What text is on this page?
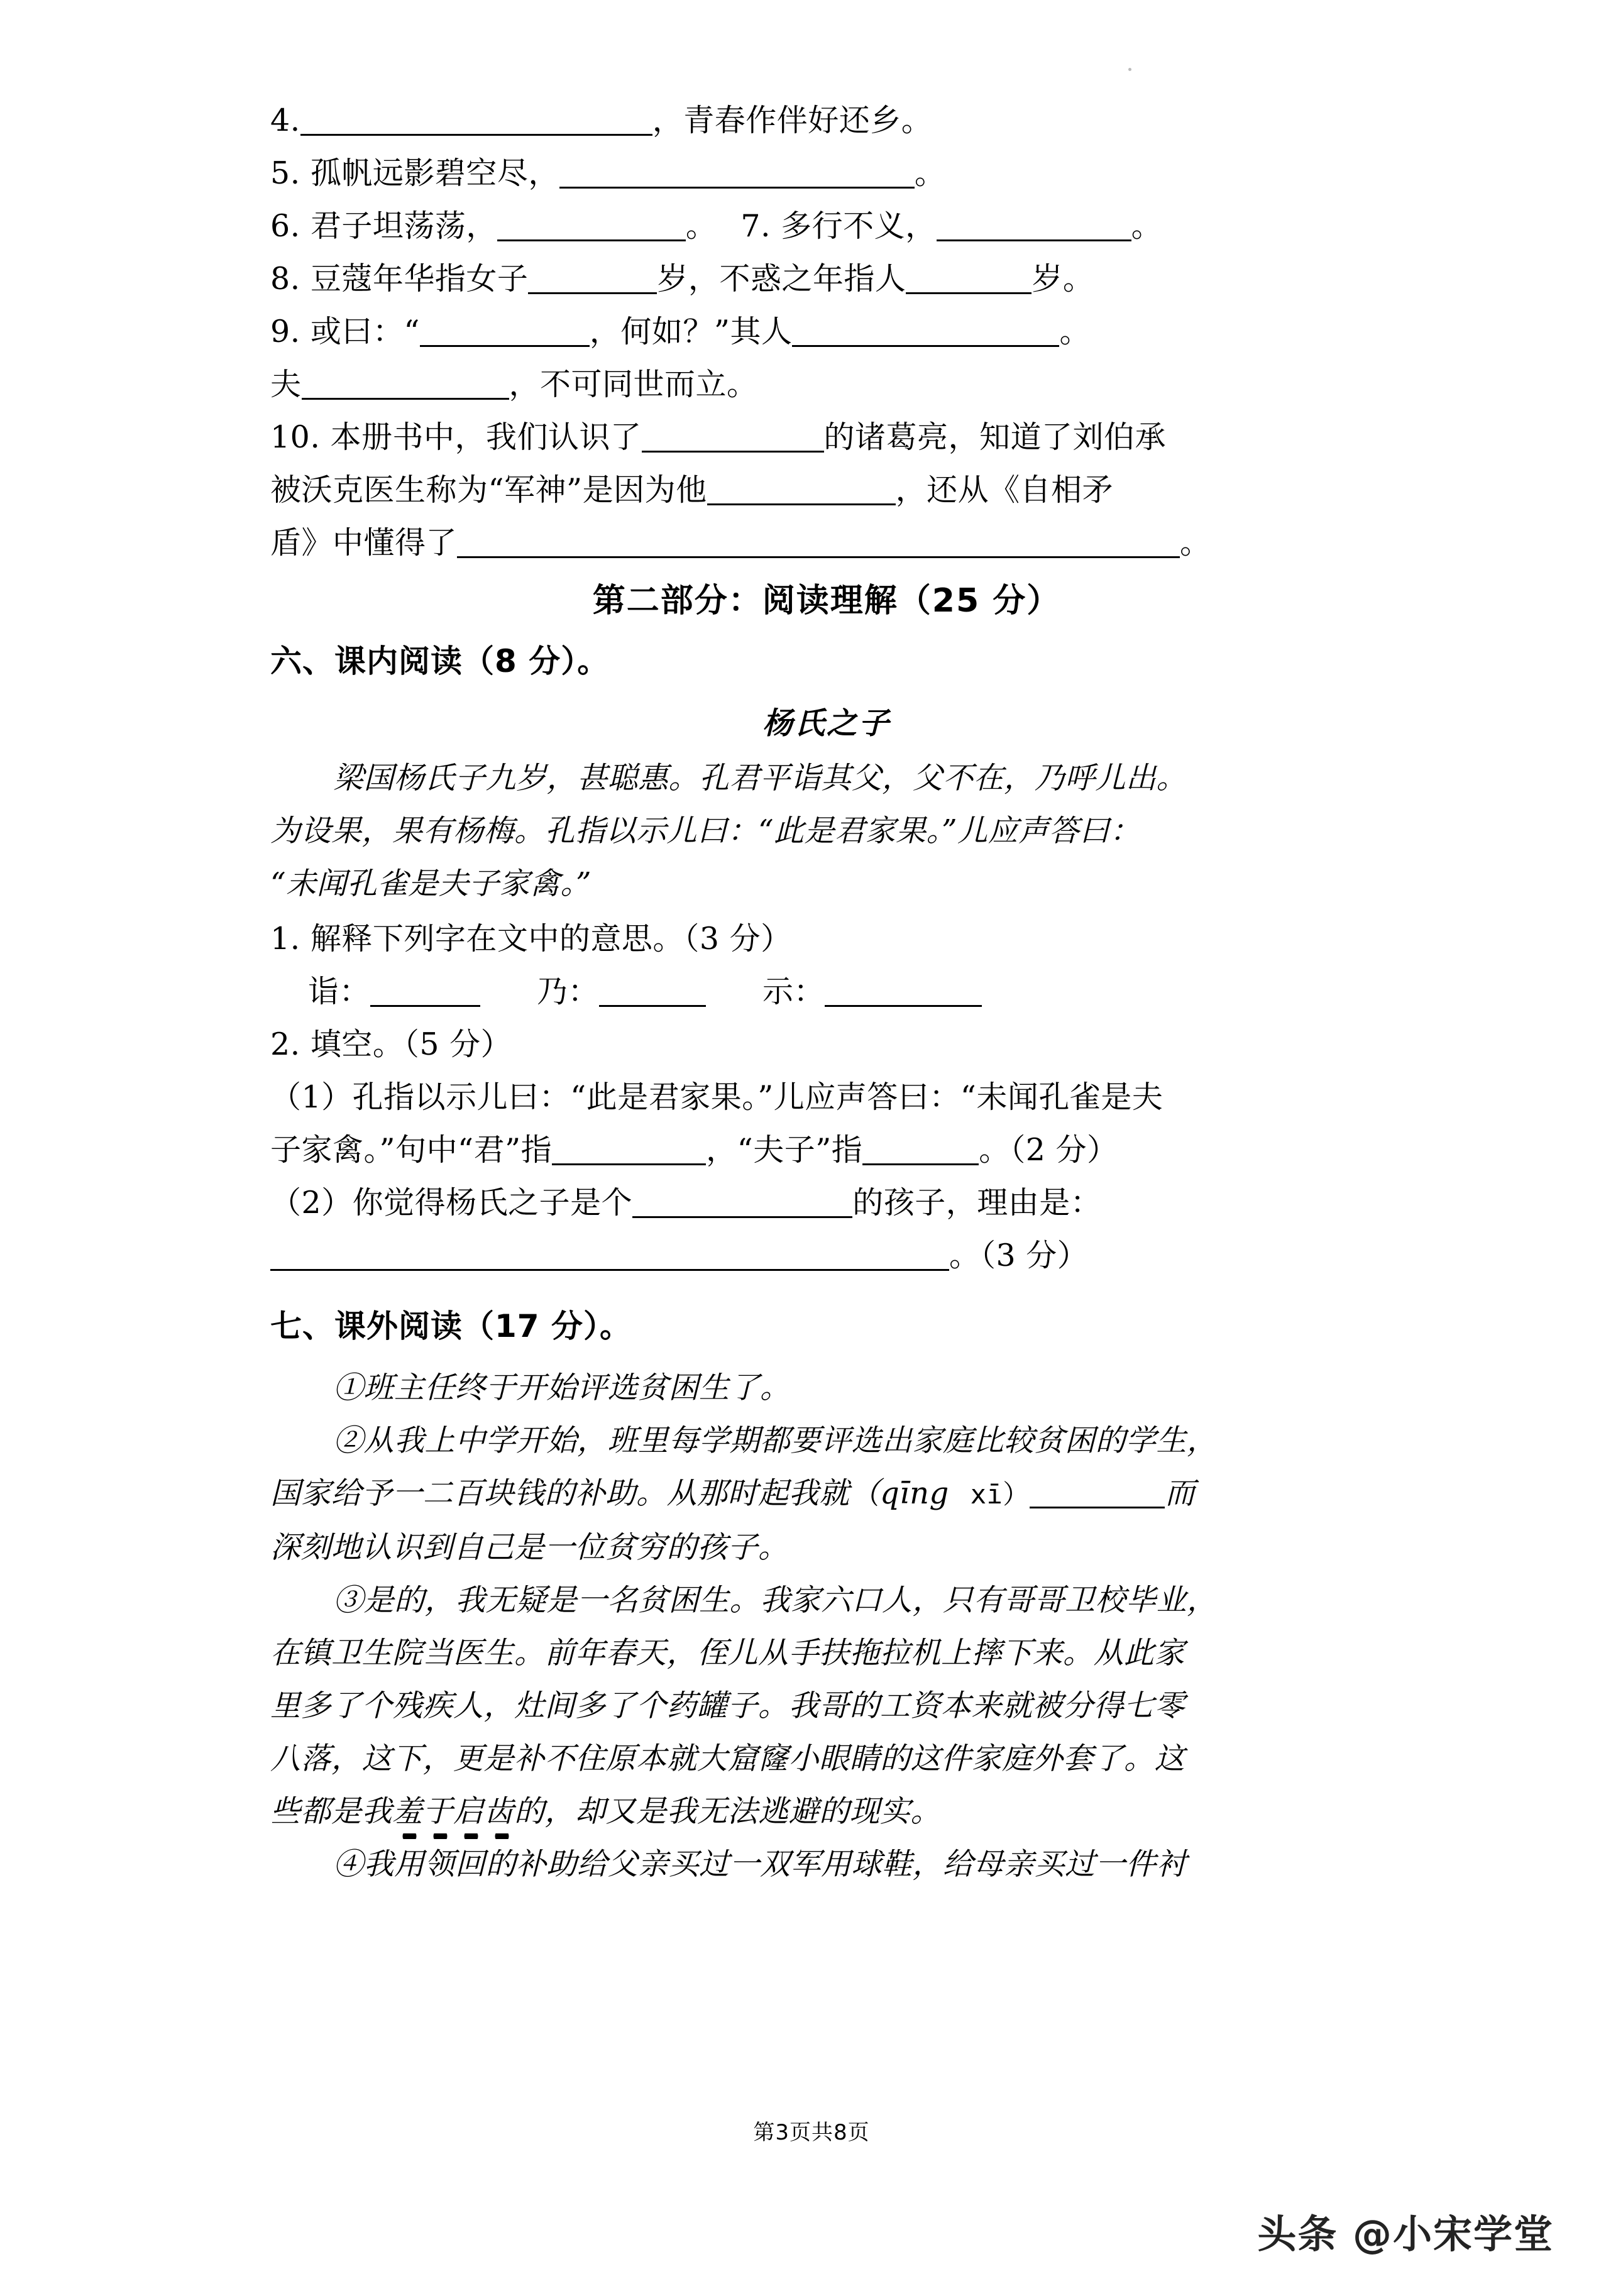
4.	，青春作伴好还乡。
5. 孤帆远影碧空尽，	。
6. 君子坦荡荡，	。 7. 多行不义，	。
8. 豆蔻年华指女子	岁，不惑之年指人	岁。
9. 或曰：“	，何如？”其人	。
夫	，不可同世而立。
10. 本册书中，我们认识了	的诸葛亮，知道了刘伯承
被沃克医生称为“军神”是因为他	，还从《自相矛
盾》中懂得了	。
第二部分：阅读理解（25 分）
六、课内阅读（8 分）。
杨氏之子
梁国杨氏子九岁，甚聪惠。孔君平诣其父，父不在，乃呼儿出。
为设果，果有杨梅。孔指以示儿曰：“此是君家果。”儿应声答曰：
“未闻孔雀是夫子家禽。”
1. 解释下列字在文中的意思。（3 分）
诣：	乃：	示：
2. 填空。（5 分）
（1）孔指以示儿曰：“此是君家果。”儿应声答曰：“未闻孔雀是夫
子家禽。”句中“君”指	，“夫子”指	。（2 分）
（2）你觉得杨氏之子是个	的孩子，理由是：
。（3 分）
七、课外阅读（17 分）。
①班主任终于开始评选贫困生了。
②从我上中学开始，班里每学期都要评选出家庭比较贫困的学生，
国家给予一二百块钱的补助。从那时起我就（qīng xī）	而
深刻地认识到自己是一位贫穷的孩子。
③是的，我无疑是一名贫困生。我家六口人，只有哥哥卫校毕业，
在镇卫生院当医生。前年春天，侄儿从手扶拖拉机上摔下来。从此家
里多了个残疾人，灶间多了个药罐子。我哥的工资本来就被分得七零
八落，这下，更是补不住原本就大窟窿小眼睛的这件家庭外套了。这
些都是我羞于启齿的，却又是我无法逃避的现实。
④我用领回的补助给父亲买过一双军用球鞋，给母亲买过一件衬
第3页共8页
头条 @小宋学堂
